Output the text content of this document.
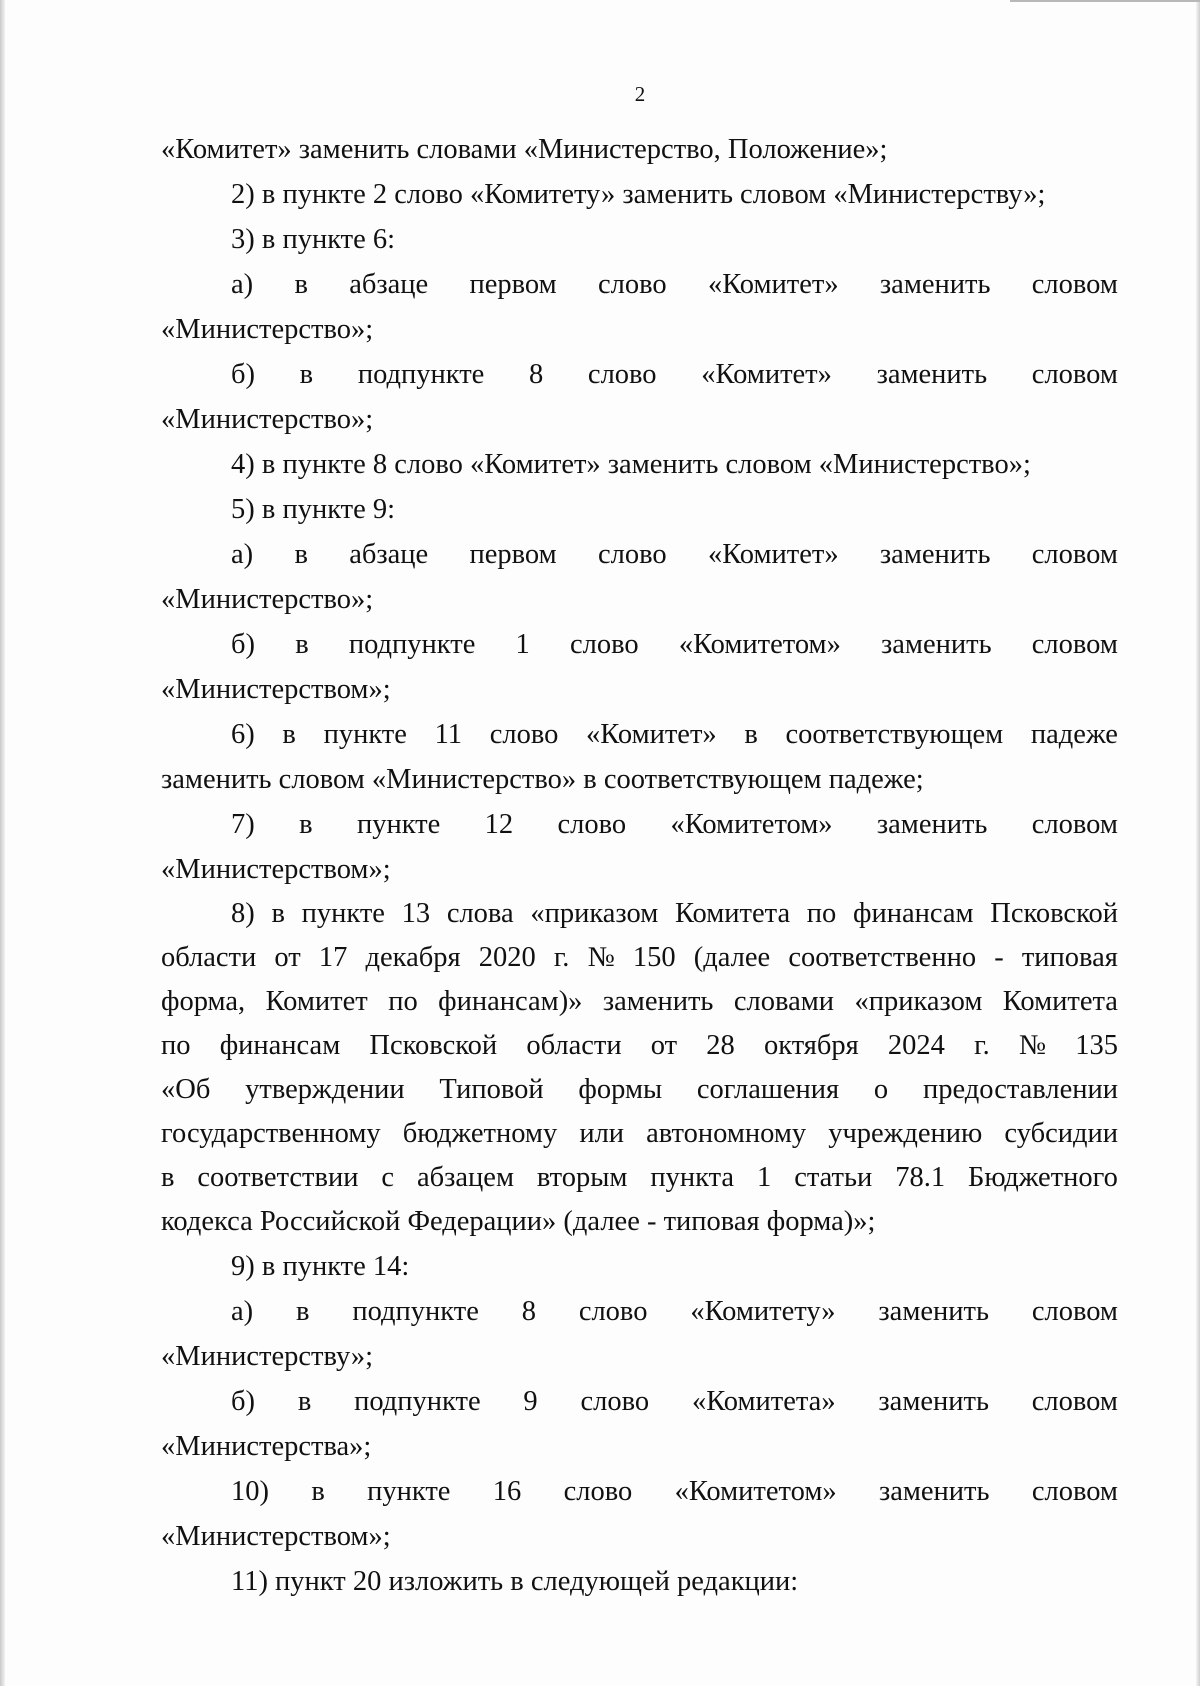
2
«Комитет» заменить словами «Министерство, Положение»;
2) в пункте 2 слово «Комитету» заменить словом «Министерству»;
3) в пункте 6:
а) в абзаце первом слово «Комитет» заменить словом
«Министерство»;
б) в подпункте 8 слово «Комитет» заменить словом
«Министерство»;
4) в пункте 8 слово «Комитет» заменить словом «Министерство»;
5) в пункте 9:
а) в абзаце первом слово «Комитет» заменить словом
«Министерство»;
б) в подпункте 1 слово «Комитетом» заменить словом
«Министерством»;
6) в пункте 11 слово «Комитет» в соответствующем падеже
заменить словом «Министерство» в соответствующем падеже;
7) в пункте 12 слово «Комитетом» заменить словом
«Министерством»;
8) в пункте 13 слова «приказом Комитета по финансам Псковской
области от 17 декабря 2020 г. № 150 (далее соответственно - типовая
форма, Комитет по финансам)» заменить словами «приказом Комитета
по финансам Псковской области от 28 октября 2024 г. № 135
«Об утверждении Типовой формы соглашения о предоставлении
государственному бюджетному или автономному учреждению субсидии
в соответствии с абзацем вторым пункта 1 статьи 78.1 Бюджетного
кодекса Российской Федерации» (далее - типовая форма)»;
9) в пункте 14:
а) в подпункте 8 слово «Комитету» заменить словом
«Министерству»;
б) в подпункте 9 слово «Комитета» заменить словом
«Министерства»;
10) в пункте 16 слово «Комитетом» заменить словом
«Министерством»;
11) пункт 20 изложить в следующей редакции:
